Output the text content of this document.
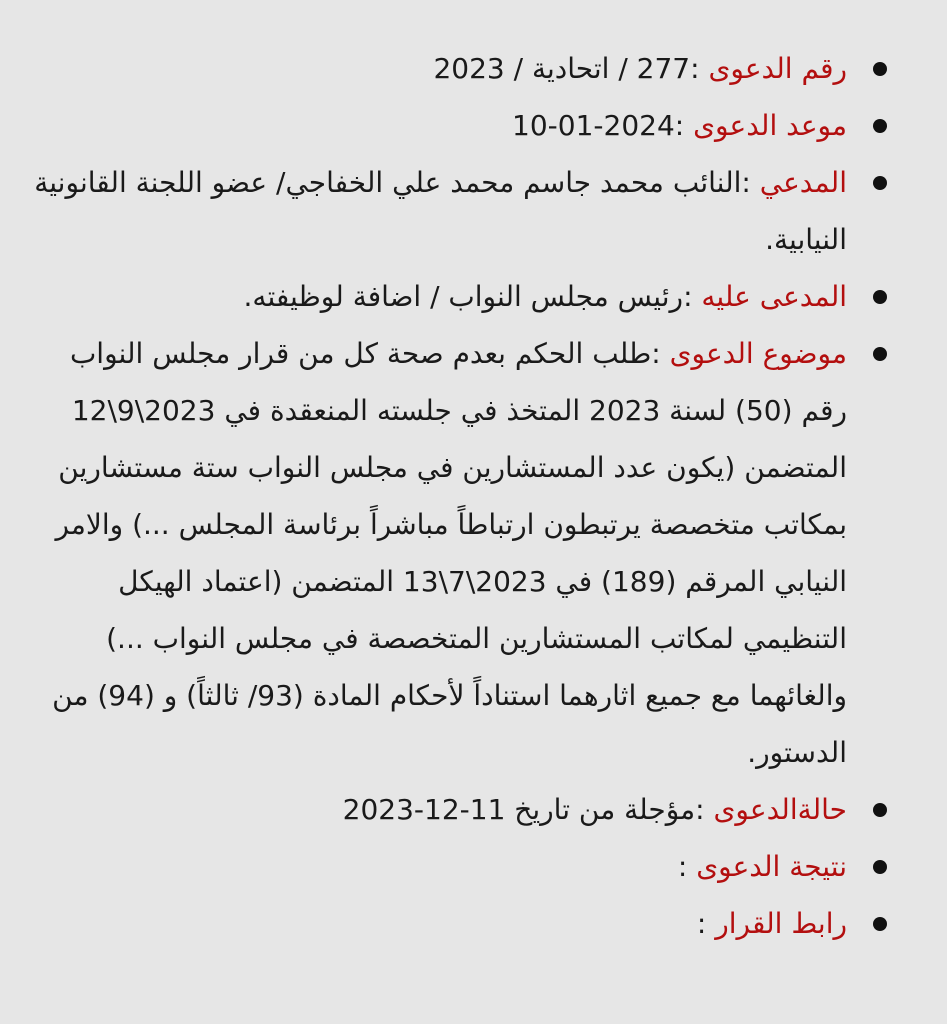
رقم الدعوى :277 / اتحادية / 2023
موعد الدعوى :2024-01-10
المدعي :النائب محمد جاسم محمد علي الخفاجي/ عضو اللجنة القانونية النيابية.
المدعى عليه :رئيس مجلس النواب / اضافة لوظيفته.
موضوع الدعوى :طلب الحكم بعدم صحة كل من قرار مجلس النواب رقم (50) لسنة 2023 المتخذ في جلسته المنعقدة في 2023\9\12 المتضمن (يكون عدد المستشارين في مجلس النواب ستة مستشارين بمكاتب متخصصة يرتبطون ارتباطاً مباشراً برئاسة المجلس ...) والامر النيابي المرقم (189) في 2023\7\13 المتضمن (اعتماد الهيكل التنظيمي لمكاتب المستشارين المتخصصة في مجلس النواب ...) والغائهما مع جميع اثارهما استناداً لأحكام المادة (93/ ثالثاً) و (94) من الدستور.
حالةالدعوى :مؤجلة من تاريخ 11-12-2023
نتيجة الدعوى :
رابط القرار :
